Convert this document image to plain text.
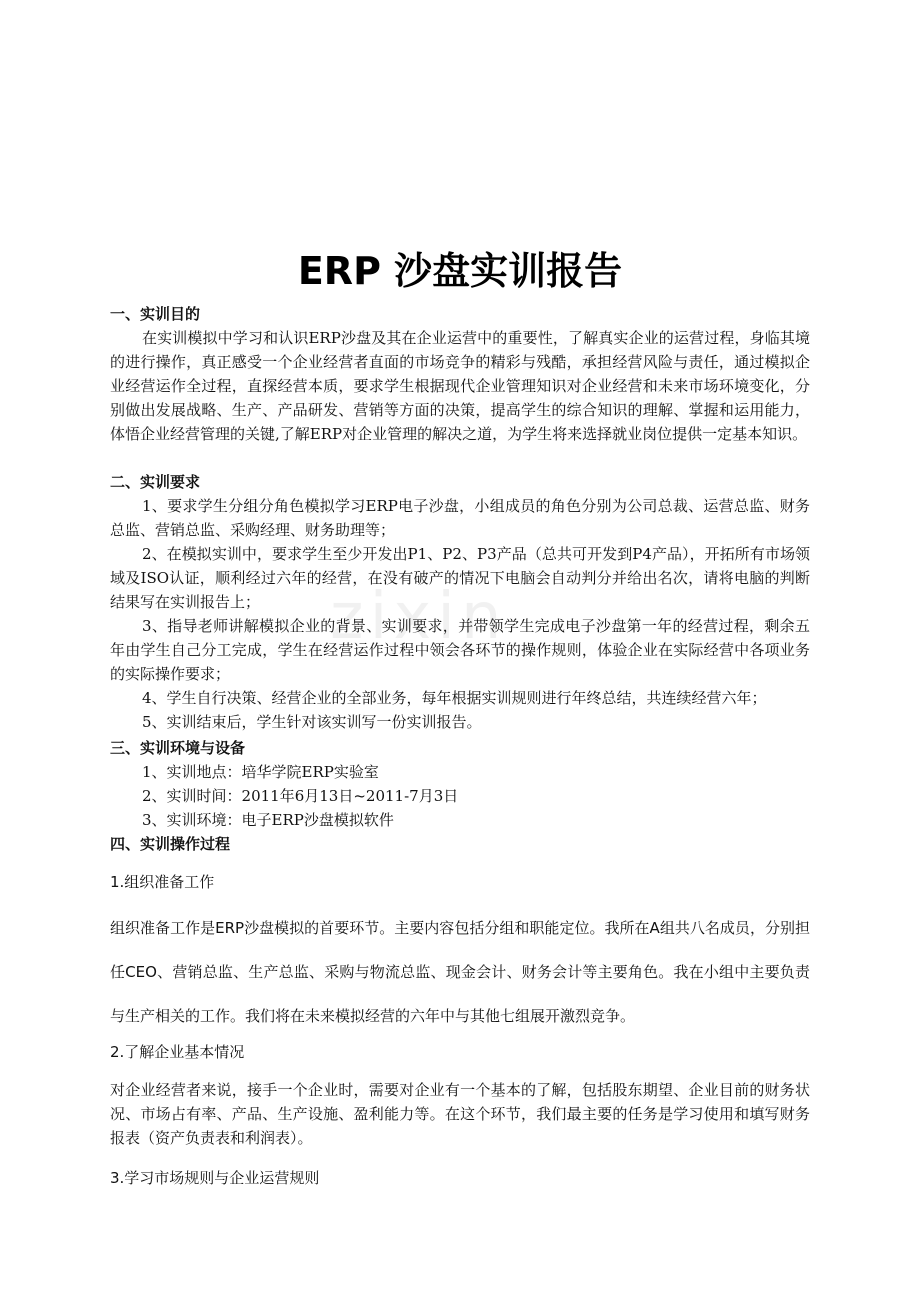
zixin
ERP 沙盘实训报告

一、实训目的

在实训模拟中学习和认识ERP沙盘及其在企业运营中的重要性，了解真实企业的运营过程，身临其境的进行操作，真正感受一个企业经营者直面的市场竞争的精彩与残酷，承担经营风险与责任，通过模拟企业经营运作全过程，直探经营本质，要求学生根据现代企业管理知识对企业经营和未来市场环境变化，分别做出发展战略、生产、产品研发、营销等方面的决策，提高学生的综合知识的理解、掌握和运用能力，体悟企业经营管理的关键,了解ERP对企业管理的解决之道，为学生将来选择就业岗位提供一定基本知识。

二、实训要求

1、要求学生分组分角色模拟学习ERP电子沙盘，小组成员的角色分别为公司总裁、运营总监、财务总监、营销总监、采购经理、财务助理等；

2、在模拟实训中，要求学生至少开发出P1、P2、P3产品（总共可开发到P4产品），开拓所有市场领域及ISO认证，顺利经过六年的经营，在没有破产的情况下电脑会自动判分并给出名次，请将电脑的判断结果写在实训报告上；

3、指导老师讲解模拟企业的背景、实训要求，并带领学生完成电子沙盘第一年的经营过程，剩余五年由学生自己分工完成，学生在经营运作过程中领会各环节的操作规则，体验企业在实际经营中各项业务的实际操作要求；

4、学生自行决策、经营企业的全部业务，每年根据实训规则进行年终总结，共连续经营六年；

5、实训结束后，学生针对该实训写一份实训报告。

三、实训环境与设备

1、实训地点：培华学院ERP实验室

2、实训时间：2011年6月13日~2011-7月3日

3、实训环境：电子ERP沙盘模拟软件

四、实训操作过程

1.组织准备工作

组织准备工作是ERP沙盘模拟的首要环节。主要内容包括分组和职能定位。我所在A组共八名成员，分别担任CEO、营销总监、生产总监、采购与物流总监、现金会计、财务会计等主要角色。我在小组中主要负责与生产相关的工作。我们将在未来模拟经营的六年中与其他七组展开激烈竞争。

2.了解企业基本情况

对企业经营者来说，接手一个企业时，需要对企业有一个基本的了解，包括股东期望、企业目前的财务状况、市场占有率、产品、生产设施、盈利能力等。在这个环节，我们最主要的任务是学习使用和填写财务报表（资产负责表和利润表）。

3.学习市场规则与企业运营规则
